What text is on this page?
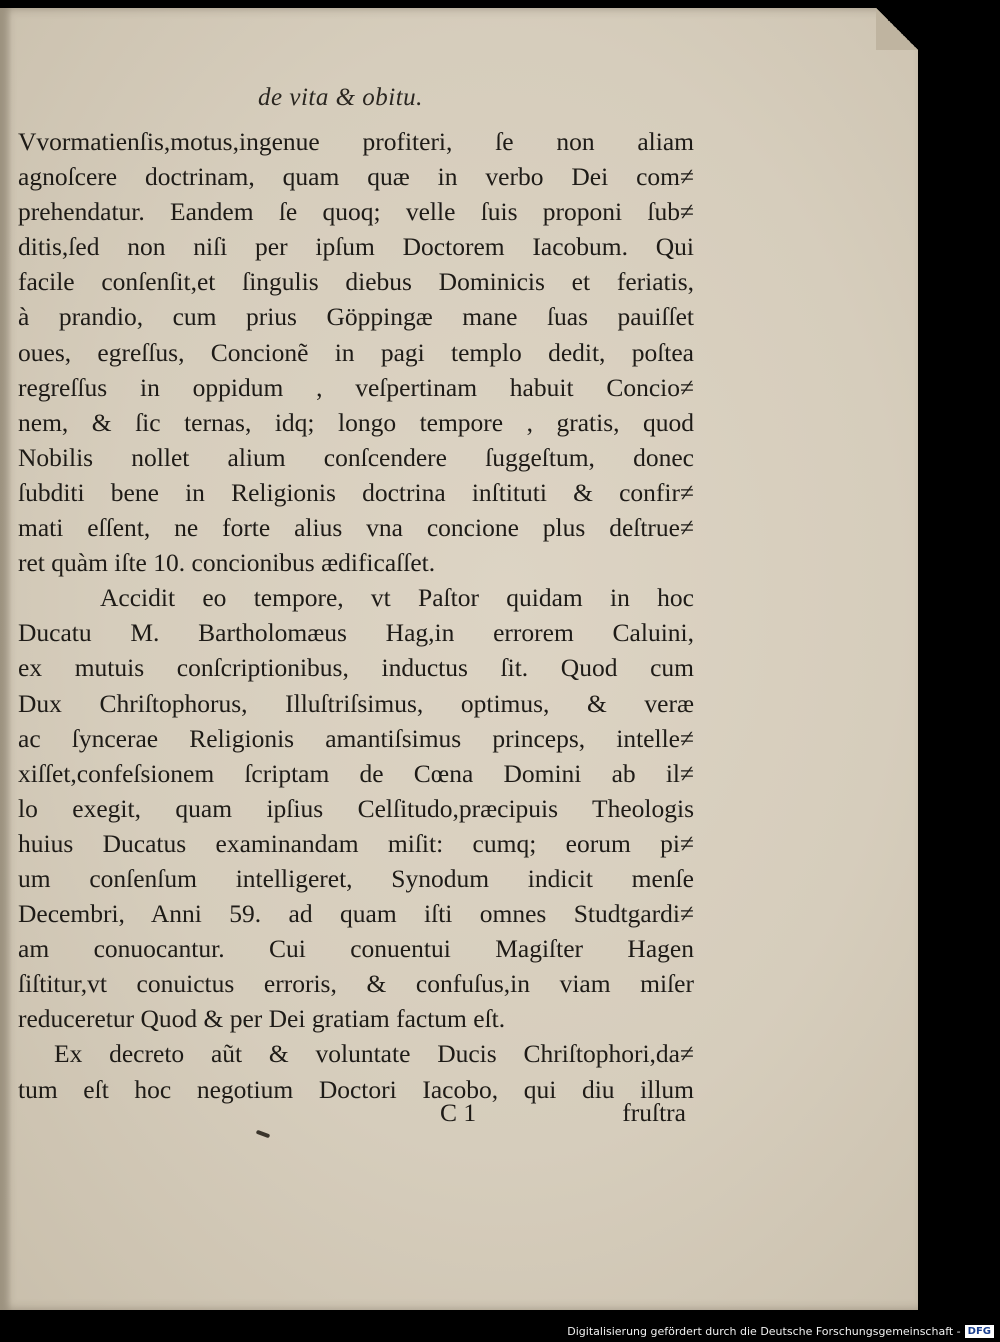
de vita & obitu.
Vvormatienſis,motus,ingenue profiteri, ſe non aliam
agnoſcere doctrinam, quam quæ in verbo Dei com≠
prehendatur. Eandem ſe quoq; velle ſuis proponi ſub≠
ditis,ſed non niſi per ipſum Doctorem Iacobum. Qui
facile conſenſit,et ſingulis diebus Dominicis et feriatis,
à prandio, cum prius Göppingæ mane ſuas pauiſſet
oues, egreſſus, Concionẽ in pagi templo dedit, poſtea
regreſſus in oppidum , veſpertinam habuit Concio≠
nem, & ſic ternas, idq; longo tempore , gratis, quod
Nobilis nollet alium conſcendere ſuggeſtum, donec
ſubditi bene in Religionis doctrina inſtituti & confir≠
mati eſſent, ne forte alius vna concione plus deſtrue≠
ret quàm iſte 10. concionibus ædificaſſet.
Accidit eo tempore, vt Paſtor quidam in hoc
Ducatu M. Bartholomæus Hag,in errorem Caluini,
ex mutuis conſcriptionibus, inductus ſit. Quod cum
Dux Chriſtophorus, Illuſtriſsimus, optimus, & veræ
ac ſyncerae Religionis amantiſsimus princeps, intelle≠
xiſſet,confeſsionem ſcriptam de Cœna Domini ab il≠
lo exegit, quam ipſius Celſitudo,præcipuis Theologis
huius Ducatus examinandam miſit: cumq; eorum pi≠
um conſenſum intelligeret, Synodum indicit menſe
Decembri, Anni 59. ad quam iſti omnes Studtgardi≠
am conuocantur. Cui conuentui Magiſter Hagen
ſiſtitur,vt conuictus erroris, & confuſus,in viam miſer
reduceretur Quod & per Dei gratiam factum eſt.
Ex decreto aũt & voluntate Ducis Chriſtophori,da≠
tum eſt hoc negotium Doctori Iacobo, qui diu illum
C 1	fruſtra
Digitalisierung gefördert durch die Deutsche Forschungsgemeinschaft - DFG
